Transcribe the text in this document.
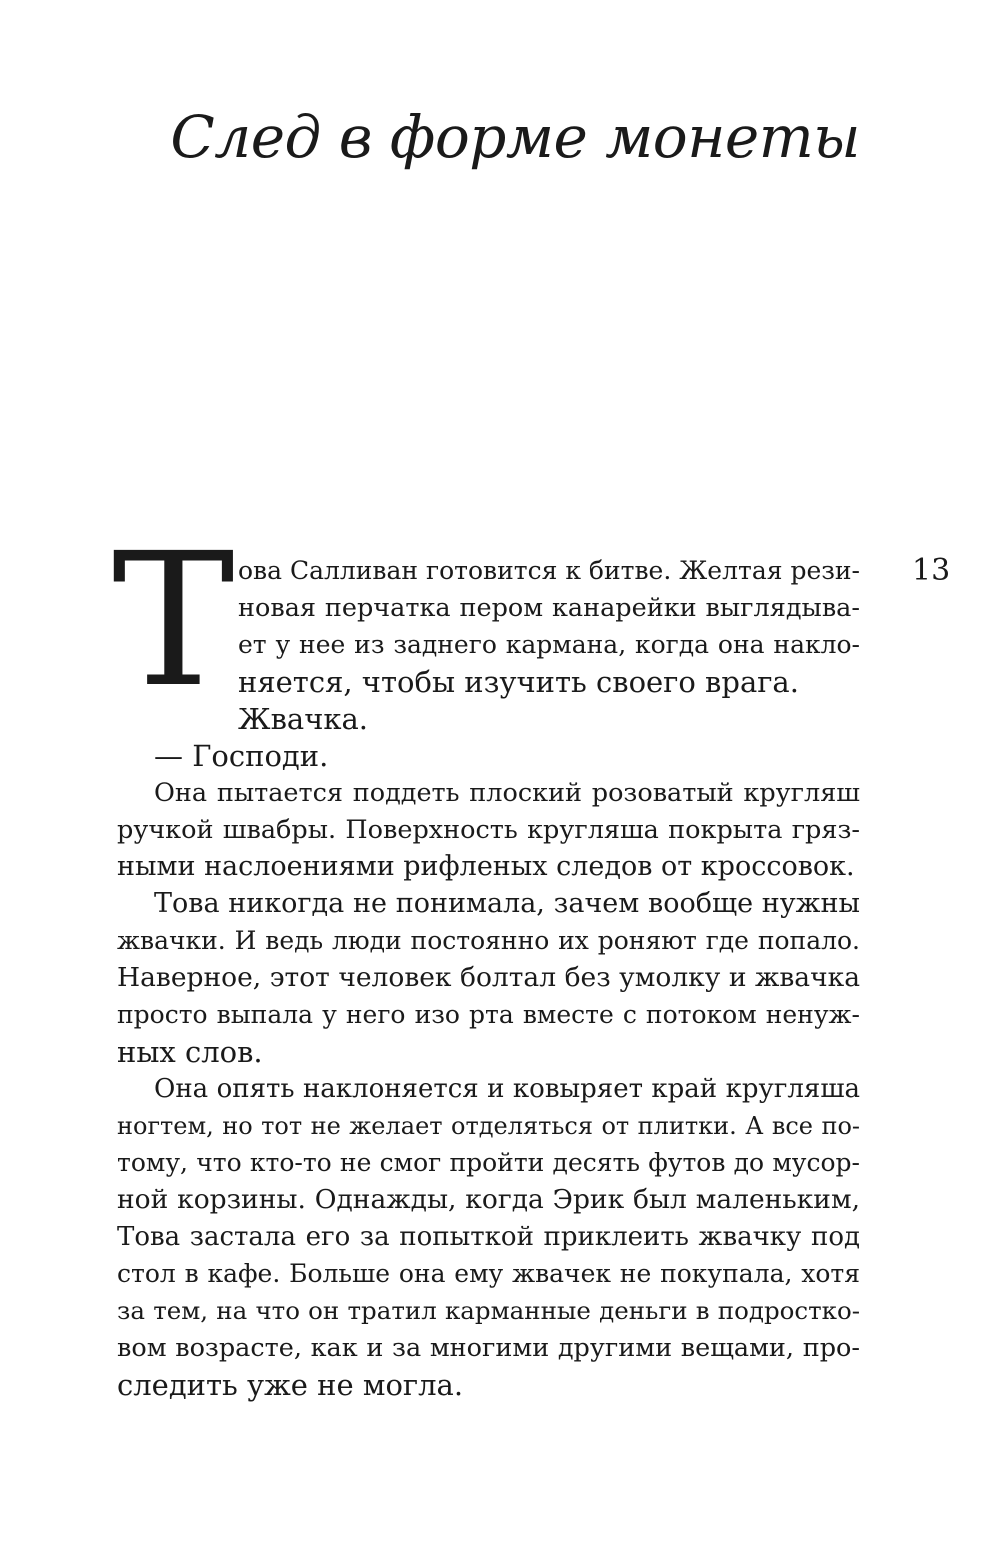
След в форме монеты
13
Т ова Салливан готовится к битве. Желтая рези-
новая перчатка пером канарейки выглядыва-
ет у нее из заднего кармана, когда она накло-
няется, чтобы изучить своего врага.
Жвачка.
— Господи.
Она пытается поддеть плоский розоватый кругляш
ручкой швабры. Поверхность кругляша покрыта гряз-
ными наслоениями рифленых следов от кроссовок.
Това никогда не понимала, зачем вообще нужны
жвачки. И ведь люди постоянно их роняют где попало.
Наверное, этот человек болтал без умолку и жвачка
просто выпала у него изо рта вместе с потоком ненуж-
ных слов.
Она опять наклоняется и ковыряет край кругляша
ногтем, но тот не желает отделяться от плитки. А все по-
тому, что кто-то не смог пройти десять футов до мусор-
ной корзины. Однажды, когда Эрик был маленьким,
Това застала его за попыткой приклеить жвачку под
стол в кафе. Больше она ему жвачек не покупала, хотя
за тем, на что он тратил карманные деньги в подростко-
вом возрасте, как и за многими другими вещами, про-
следить уже не могла.
